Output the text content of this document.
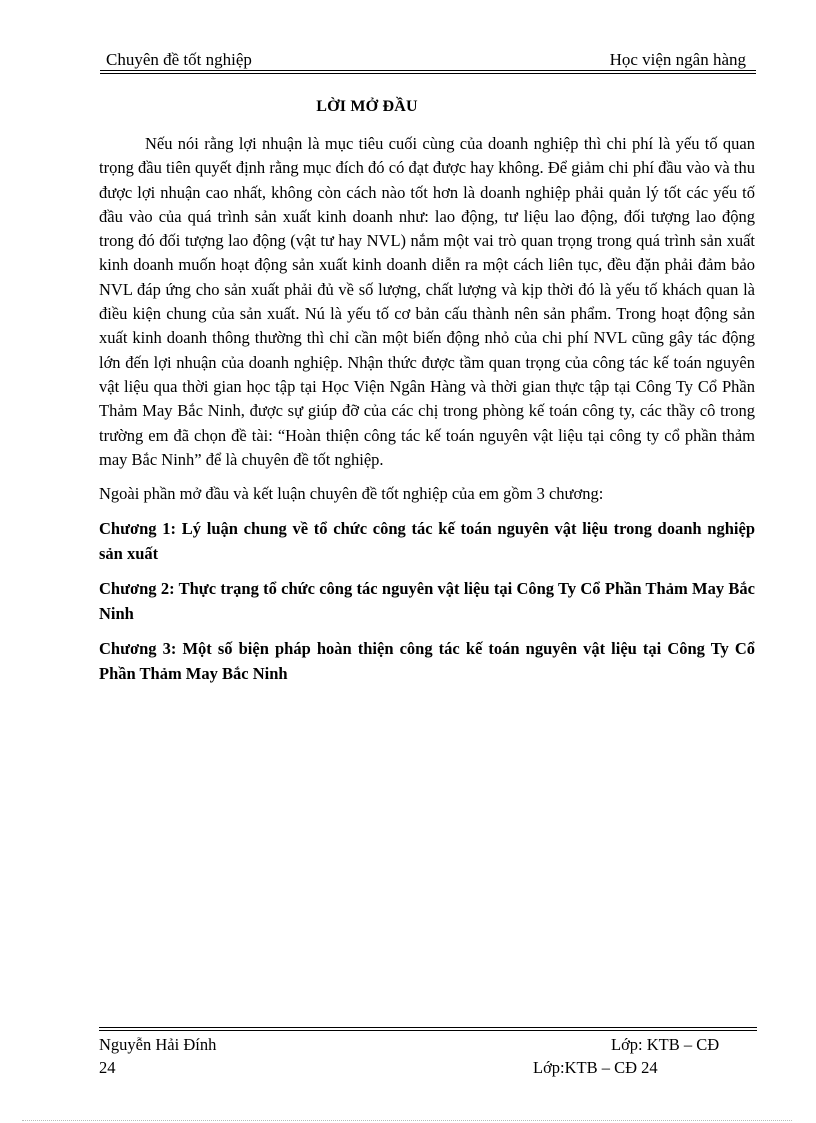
Chuyên đề tốt nghiệp	Học viện ngân hàng
LỜI MỞ ĐẦU

Nếu nói rằng lợi nhuận là mục tiêu cuối cùng của doanh nghiệp thì chi phí là yếu tố quan trọng đầu tiên quyết định rằng mục đích đó có đạt được hay không. Để giảm chi phí đầu vào và thu được lợi nhuận cao nhất, không còn cách nào tốt hơn là doanh nghiệp phải quản lý tốt các yếu tố đầu vào của quá trình sản xuất kinh doanh như: lao động, tư liệu lao động, đối tượng lao động trong đó đối tượng lao động (vật tư hay NVL) nắm một vai trò quan trọng trong quá trình sản xuất kinh doanh muốn hoạt động sản xuất kinh doanh diễn ra một cách liên tục, đều đặn phải đảm bảo NVL đáp ứng cho sản xuất phải đủ về số lượng, chất lượng và kịp thời đó là yếu tố khách quan là điều kiện chung của sản xuất. Nú là yếu tố cơ bản cấu thành nên sản phẩm. Trong hoạt động sản xuất kinh doanh thông thường thì chỉ cần một biến động nhỏ của chi phí NVL cũng gây tác động lớn đến lợi nhuận của doanh nghiệp. Nhận thức được tầm quan trọng của công tác kế toán nguyên vật liệu qua thời gian học tập tại Học Viện Ngân Hàng và thời gian thực tập tại Công Ty Cổ Phần Thảm May Bắc Ninh, được sự giúp đỡ của các chị trong phòng kế toán công ty, các thầy cô trong trường em đã chọn đề tài: “Hoàn thiện công tác kế toán nguyên vật liệu tại công ty cổ phần thảm may Bắc Ninh” để là chuyên đề tốt nghiệp.

Ngoài phần mở đầu và kết luận chuyên đề tốt nghiệp của em gồm 3 chương:

Chương 1: Lý luận chung về tổ chức công tác kế toán nguyên vật liệu trong doanh nghiệp sản xuất

Chương 2: Thực trạng tổ chức công tác nguyên vật liệu tại Công Ty Cổ Phần Thảm May Bắc Ninh

Chương 3: Một số biện pháp hoàn thiện công tác kế toán nguyên vật liệu tại Công Ty Cổ Phần Thảm May Bắc Ninh

Nguyễn Hải Đính	Lớp: KTB – CĐ
24	Lớp:KTB – CĐ 24
